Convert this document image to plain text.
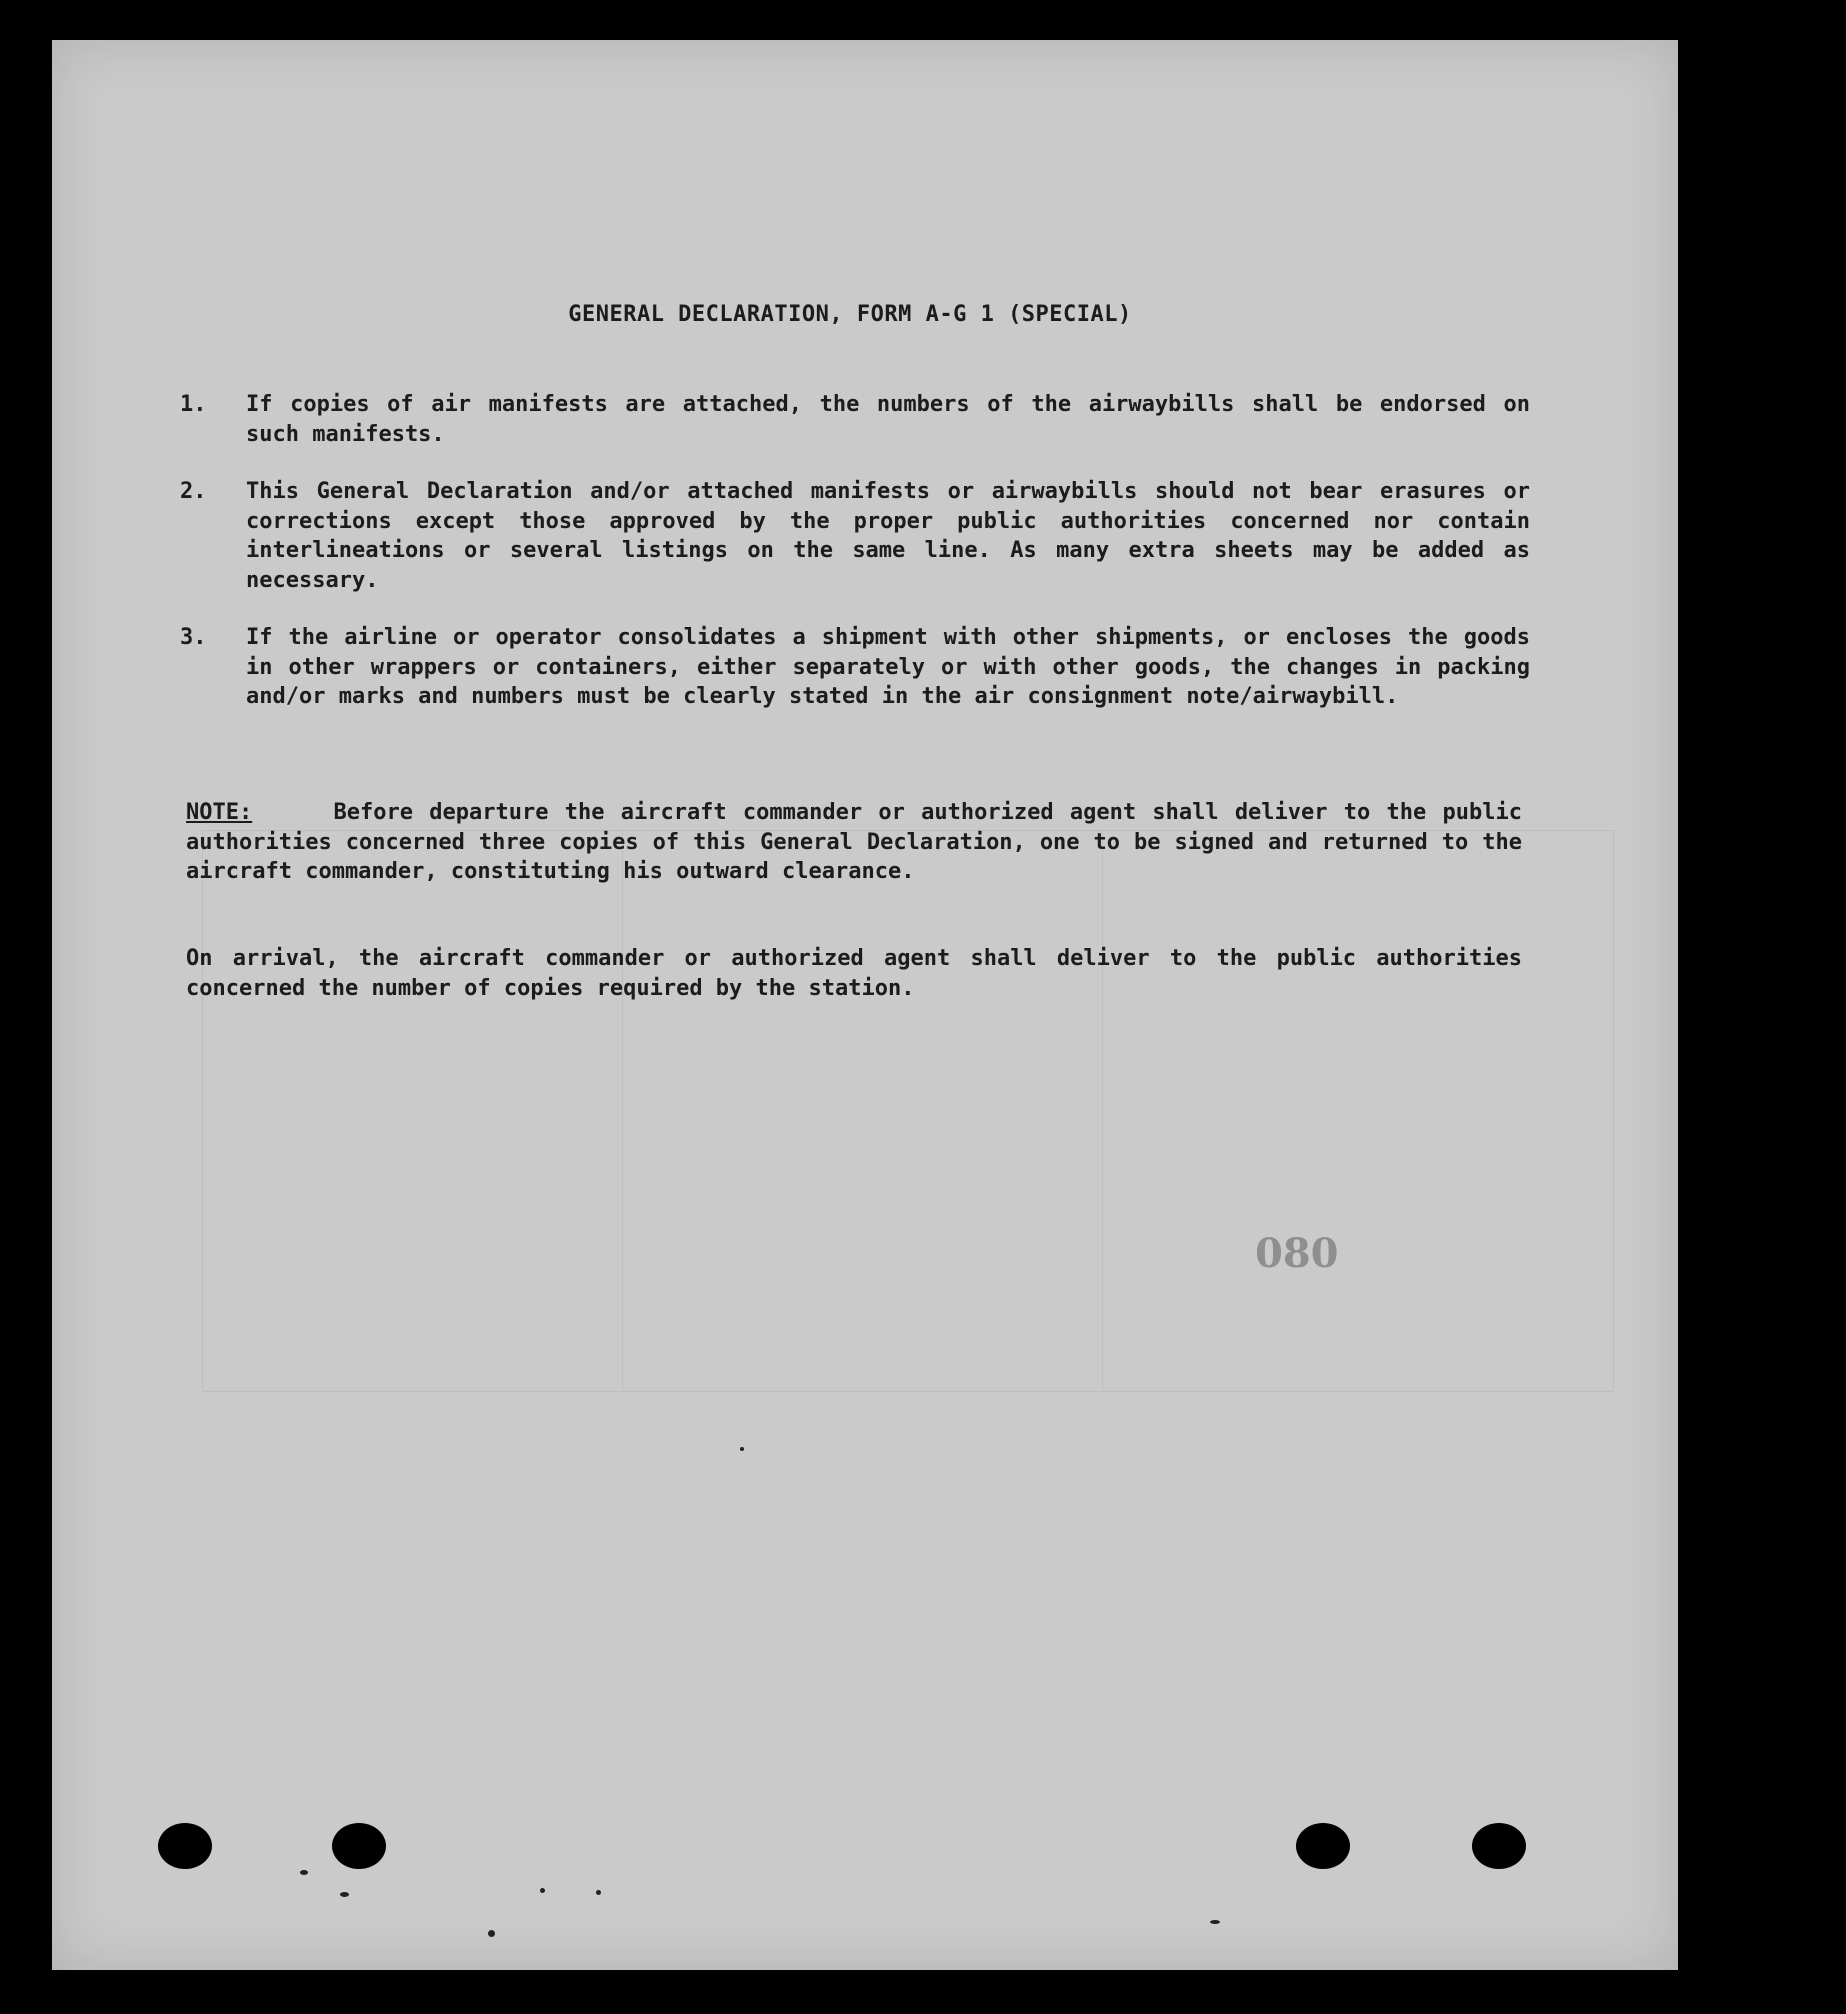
GENERAL DECLARATION, FORM A-G 1 (SPECIAL)
1. If copies of air manifests are attached, the numbers of the airwaybills shall be endorsed on such manifests.
2. This General Declaration and/or attached manifests or airwaybills should not bear erasures or corrections except those approved by the proper public authorities concerned nor contain interlineations or several listings on the same line. As many extra sheets may be added as necessary.
3. If the airline or operator consolidates a shipment with other shipments, or encloses the goods in other wrappers or containers, either separately or with other goods, the changes in packing and/or marks and numbers must be clearly stated in the air consignment note/airwaybill.
NOTE:	Before departure the aircraft commander or authorized agent shall deliver to the public authorities concerned three copies of this General Declaration, one to be signed and returned to the aircraft commander, constituting his outward clearance.
On arrival, the aircraft commander or authorized agent shall deliver to the public authorities concerned the number of copies required by the station.
080
